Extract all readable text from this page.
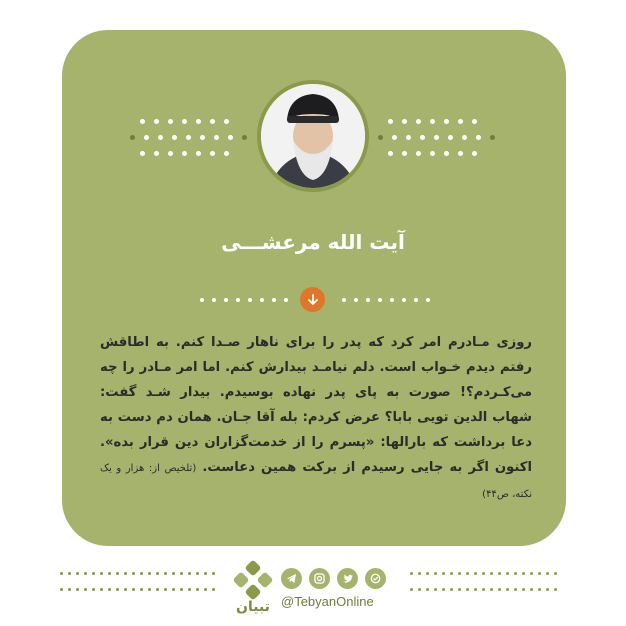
آیت الله مرعشـــی
روزی مـادرم امر کرد که پدر را برای ناهار صـدا کنم. به اطاقش رفتم دیدم خـواب است. دلم نیامـد بیدارش کنم. اما امر مـادر را چه می‌کـردم؟! صورت به پای پدر نهاده بوسیدم. بیدار شـد گفت: شهاب الدین تویی بابا؟ عرض کردم: بله آقا جـان. همان دم دست به دعا برداشت که بارالها: «پسرم را از خدمت‌گزاران دین قرار بده». اکنون اگر به جایی رسیدم از برکت همین دعاست. (تلخیص از: هزار و یک نکته، ص۴۴)
تبیان @TebyanOnline
